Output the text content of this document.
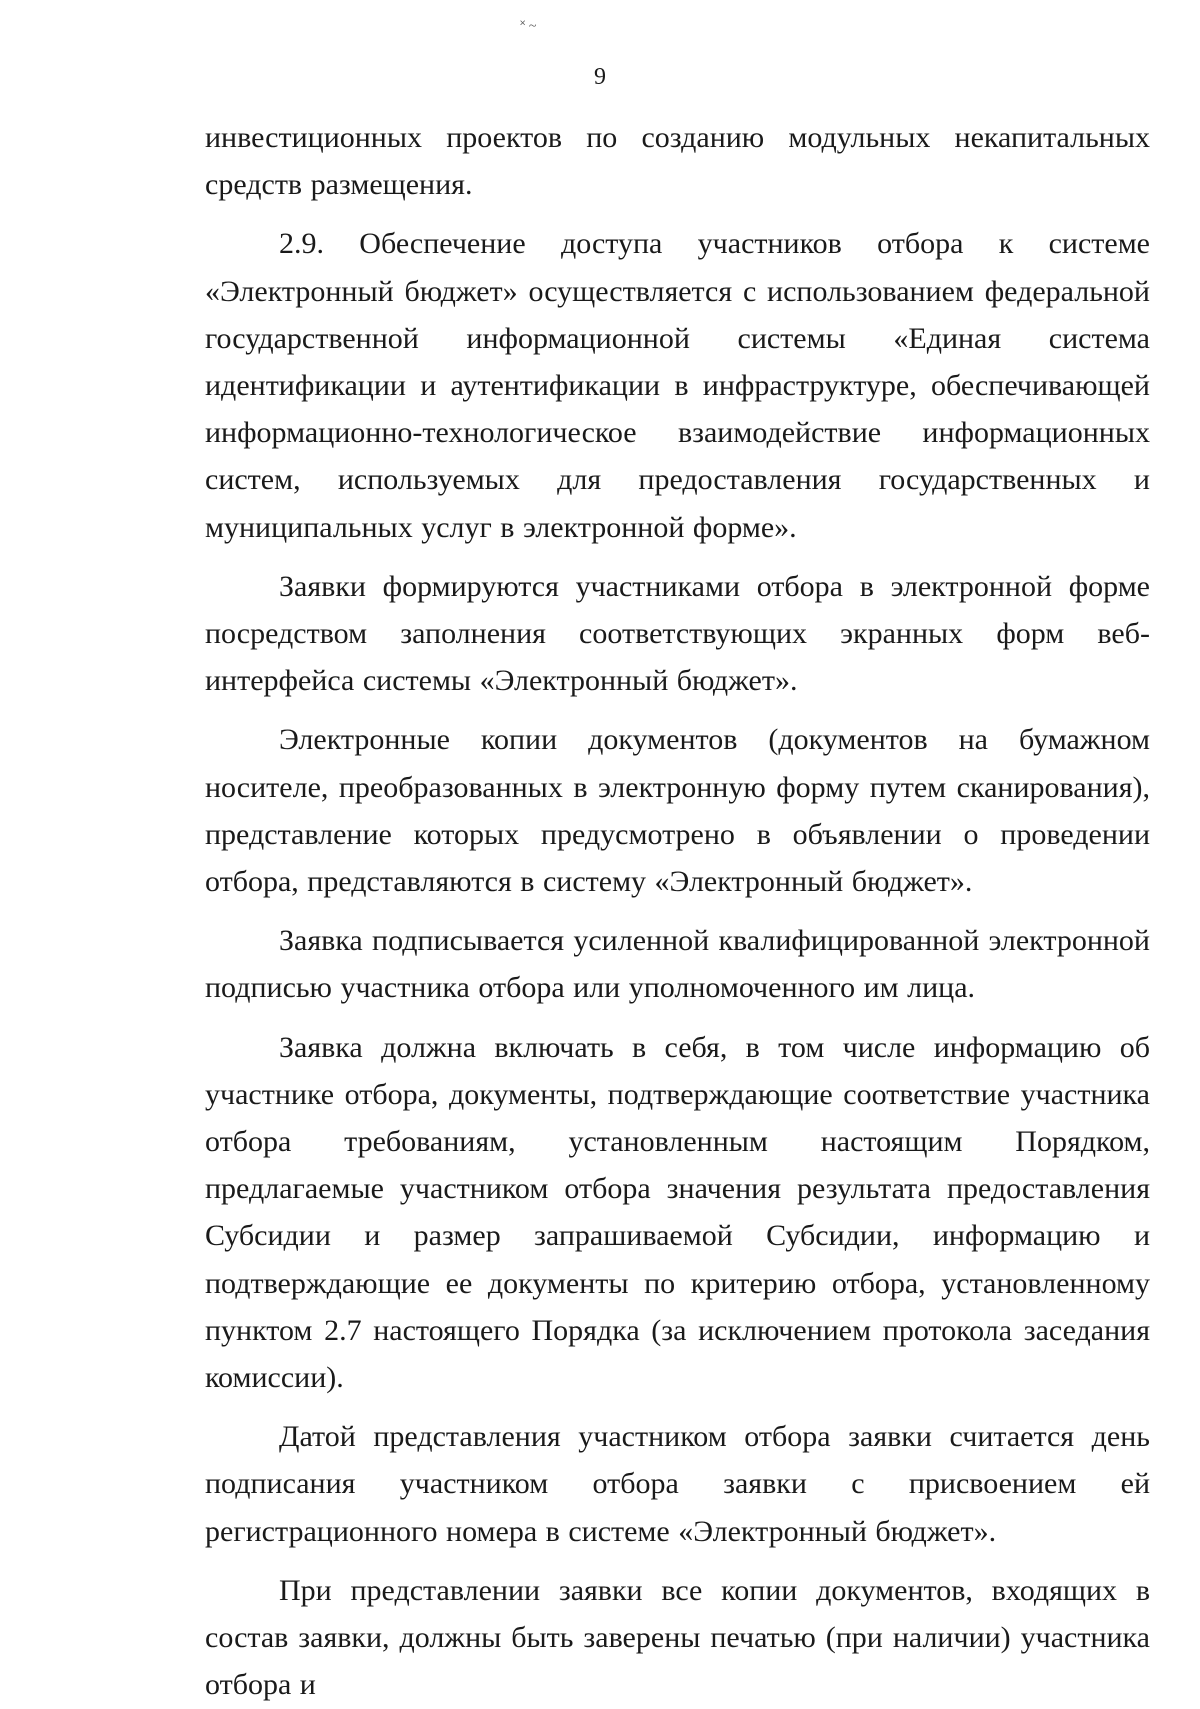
˟ ~
9

инвестиционных проектов по созданию модульных некапитальных средств размещения.

2.9. Обеспечение доступа участников отбора к системе «Электронный бюджет» осуществляется с использованием федеральной государственной информационной системы «Единая система идентификации и аутентификации в инфраструктуре, обеспечивающей информационно-технологическое взаимодействие информационных систем, используемых для предоставления государственных и муниципальных услуг в электронной форме».

Заявки формируются участниками отбора в электронной форме посредством заполнения соответствующих экранных форм веб-интерфейса системы «Электронный бюджет».

Электронные копии документов (документов на бумажном носителе, преобразованных в электронную форму путем сканирования), представление которых предусмотрено в объявлении о проведении отбора, представляются в систему «Электронный бюджет».

Заявка подписывается усиленной квалифицированной электронной подписью участника отбора или уполномоченного им лица.

Заявка должна включать в себя, в том числе информацию об участнике отбора, документы, подтверждающие соответствие участника отбора требованиям, установленным настоящим Порядком, предлагаемые участником отбора значения результата предоставления Субсидии и размер запрашиваемой Субсидии, информацию и подтверждающие ее документы по критерию отбора, установленному пунктом 2.7 настоящего Порядка (за исключением протокола заседания комиссии).

Датой представления участником отбора заявки считается день подписания участником отбора заявки с присвоением ей регистрационного номера в системе «Электронный бюджет».

При представлении заявки все копии документов, входящих в состав заявки, должны быть заверены печатью (при наличии) участника отбора и
